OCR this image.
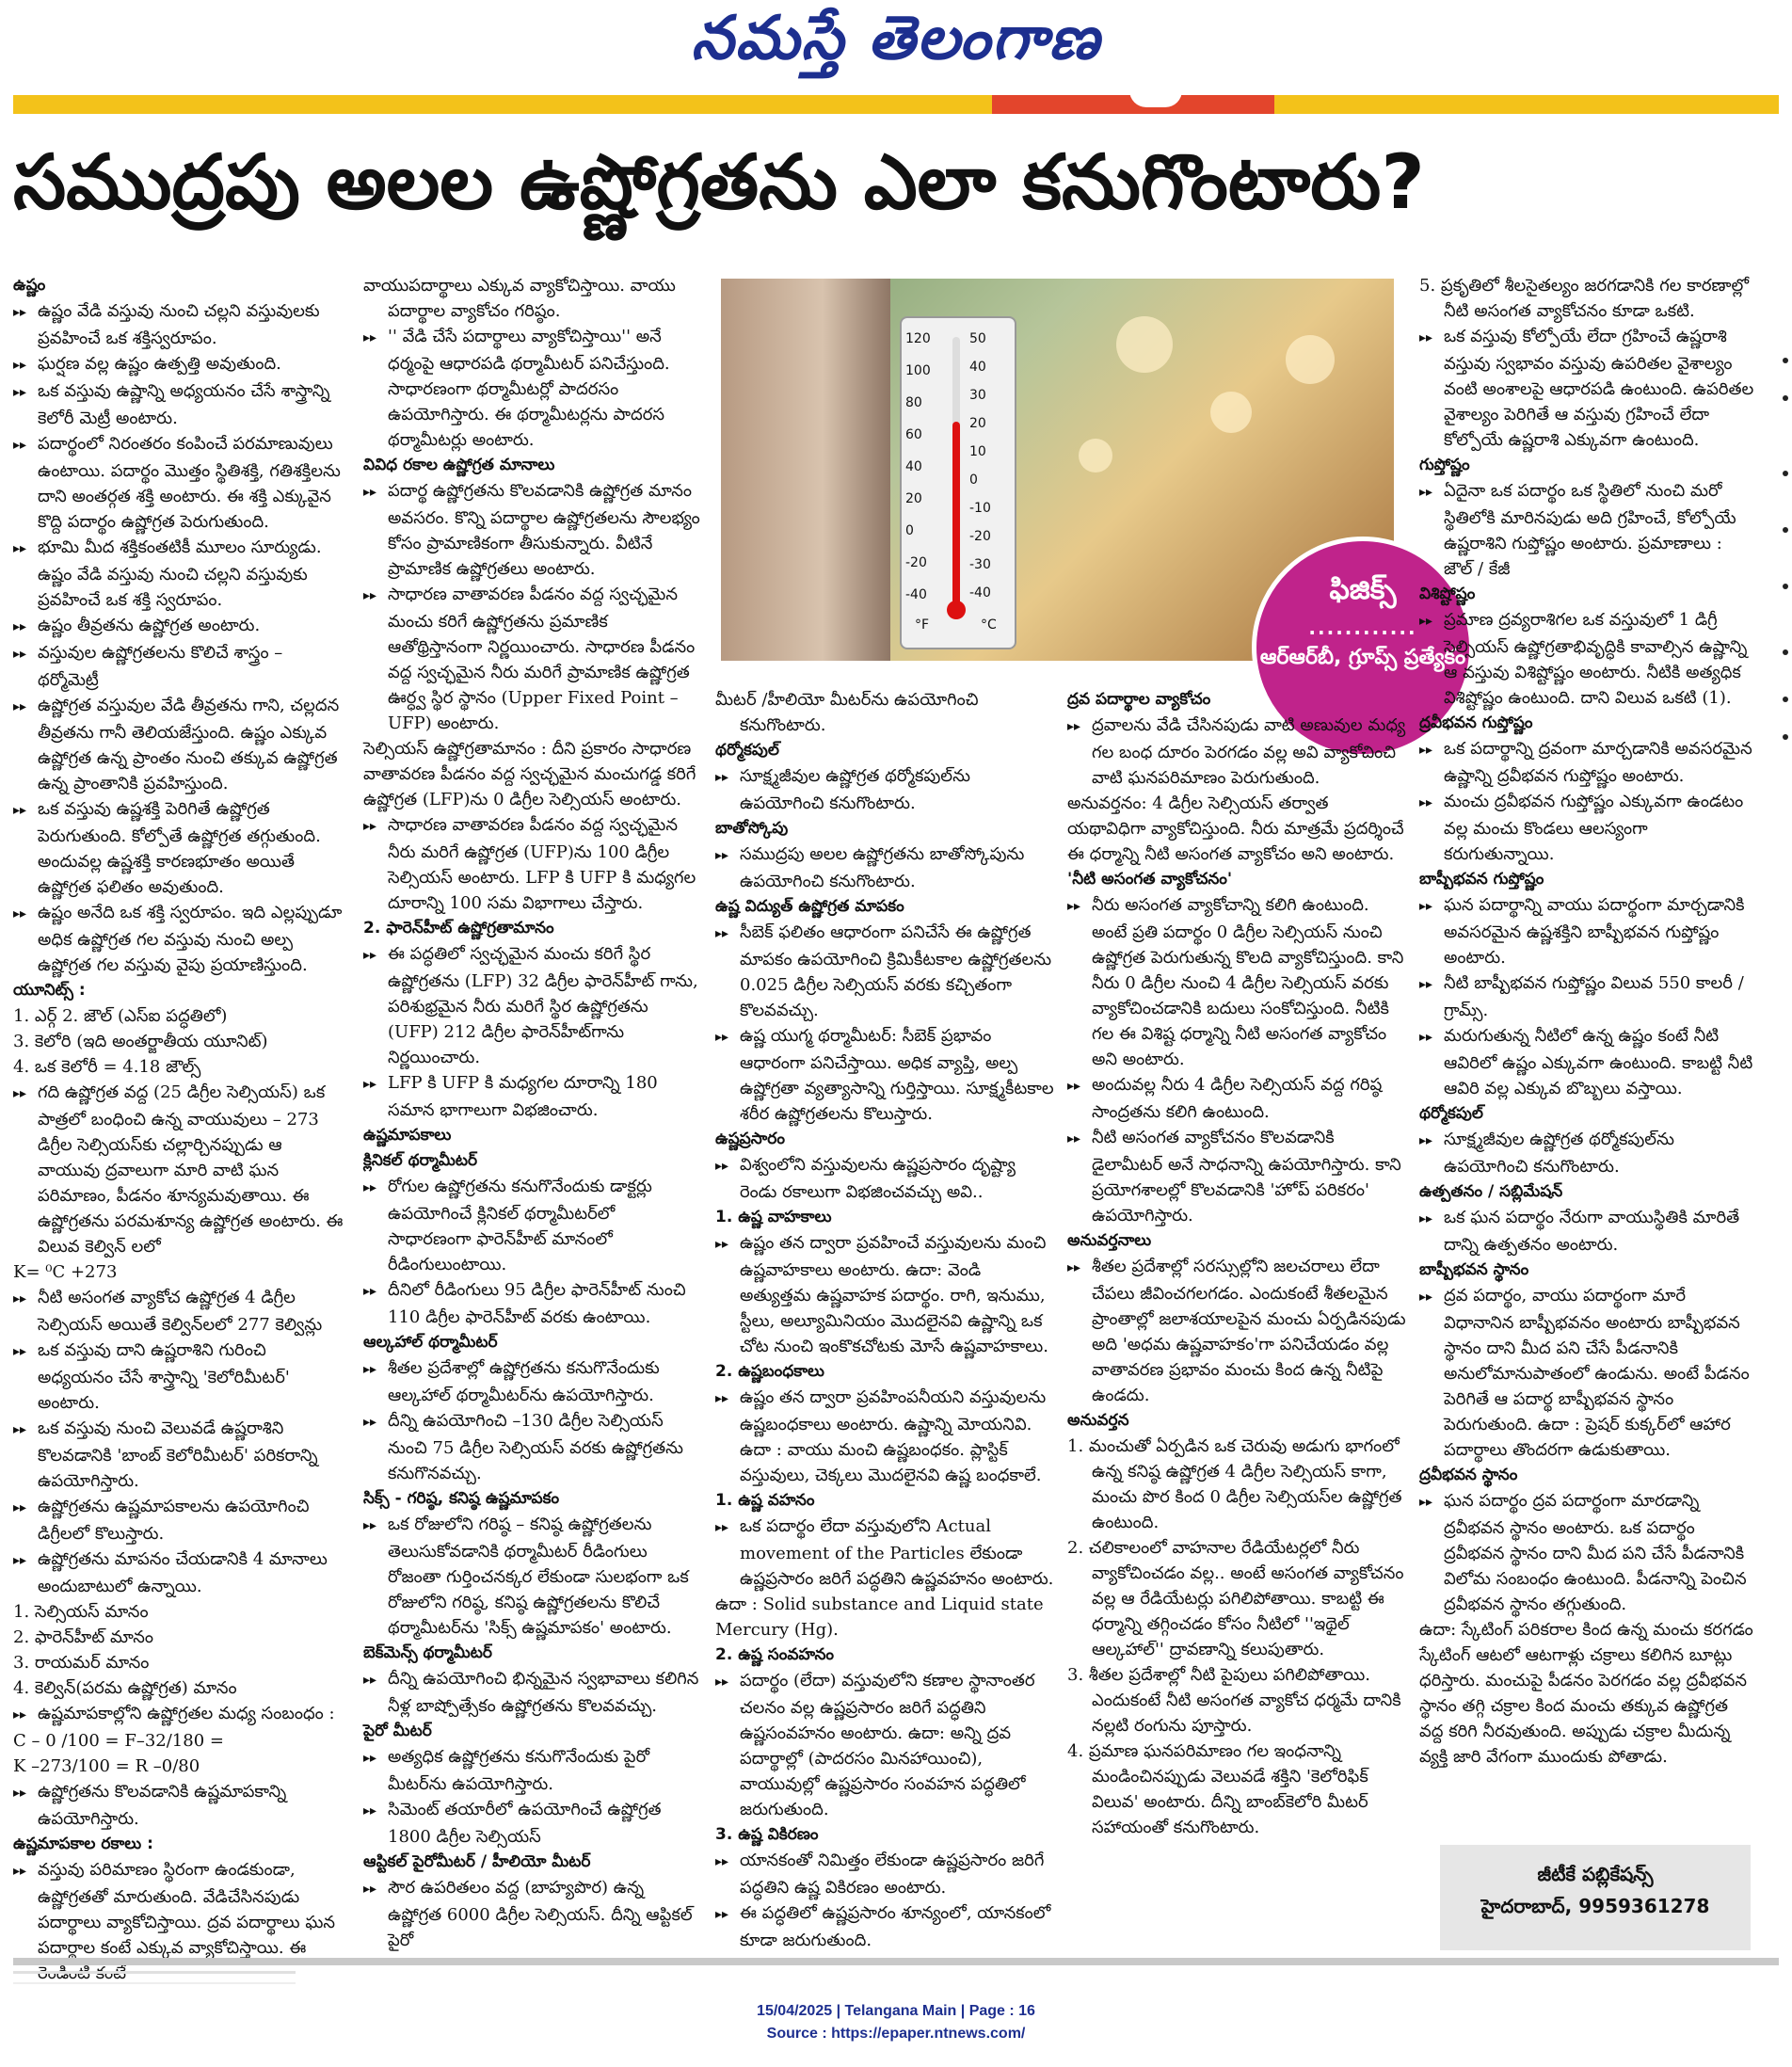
నమస్తే తెలంగాణ
సముద్రపు అలల ఉష్ణోగ్రతను ఎలా కనుగొంటారు?

ఉష్ణం

▸▸ ఉష్ణం వేడి వస్తువు నుంచి చల్లని వస్తువులకు ప్రవహించే ఒక శక్తిస్వరూపం.

▸▸ ఘర్షణ వల్ల ఉష్ణం ఉత్పత్తి అవుతుంది.

▸▸ ఒక వస్తువు ఉష్ణాన్ని అధ్యయనం చేసే శాస్త్రాన్ని కెలోరీ మెట్రీ అంటారు.

▸▸ పదార్థంలో నిరంతరం కంపించే పరమాణువులు ఉంటాయి. పదార్థం మొత్తం స్థితిశక్తి, గతిశక్తిలను దాని అంతర్గత శక్తి అంటారు. ఈ శక్తి ఎక్కువైన కొద్ది పదార్థం ఉష్ణోగ్రత పెరుగుతుంది.

▸▸ భూమి మీద శక్తికంతటికీ మూలం సూర్యుడు. ఉష్ణం వేడి వస్తువు నుంచి చల్లని వస్తువుకు ప్రవహించే ఒక శక్తి స్వరూపం.

▸▸ ఉష్ణం తీవ్రతను ఉష్ణోగ్రత అంటారు.

▸▸ వస్తువుల ఉష్ణోగ్రతలను కొలిచే శాస్త్రం – థర్మోమెట్రీ

▸▸ ఉష్ణోగ్రత వస్తువుల వేడి తీవ్రతను గాని, చల్లదన తీవ్రతను గానీ తెలియజేస్తుంది. ఉష్ణం ఎక్కువ ఉష్ణోగ్రత ఉన్న ప్రాంతం నుంచి తక్కువ ఉష్ణోగ్రత ఉన్న ప్రాంతానికి ప్రవహిస్తుంది.

▸▸ ఒక వస్తువు ఉష్ణశక్తి పెరిగితే ఉష్ణోగ్రత పెరుగుతుంది. కోల్పోతే ఉష్ణోగ్రత తగ్గుతుంది. అందువల్ల ఉష్ణశక్తి కారణభూతం అయితే ఉష్ణోగ్రత ఫలితం అవుతుంది.

▸▸ ఉష్ణం అనేది ఒక శక్తి స్వరూపం. ఇది ఎల్లప్పుడూ అధిక ఉష్ణోగ్రత గల వస్తువు నుంచి అల్ప ఉష్ణోగ్రత గల వస్తువు వైపు ప్రయాణిస్తుంది.

యూనిట్స్ :

1. ఎర్గ్ 2. జౌల్ (ఎస్ఐ పద్ధతిలో)

3. కెలోరి (ఇది అంతర్జాతీయ యూనిట్)

4. ఒక కెలోరీ = 4.18 జౌల్స్

▸▸ గది ఉష్ణోగ్రత వద్ద (25 డిగ్రీల సెల్సియస్) ఒక పాత్రలో బంధించి ఉన్న వాయువులు – 273 డిగ్రీల సెల్సియస్‌కు చల్లార్చినప్పుడు ఆ వాయువు ద్రవాలుగా మారి వాటి ఘన పరిమాణం, పీడనం శూన్యమవుతాయి. ఈ ఉష్ణోగ్రతను పరమశూన్య ఉష్ణోగ్రత అంటారు. ఈ విలువ కెల్విన్ లలో

K= ⁰C +273

▸▸ నీటి అసంగత వ్యాకోచ ఉష్ణోగ్రత 4 డిగ్రీల సెల్సియస్ అయితే కెల్విన్‌లలో 277 కెల్విన్లు

▸▸ ఒక వస్తువు దాని ఉష్ణరాశిని గురించి అధ్యయనం చేసే శాస్త్రాన్ని 'కెలోరిమీటర్' అంటారు.

▸▸ ఒక వస్తువు నుంచి వెలువడే ఉష్ణరాశిని కొలవడానికి 'బాంబ్ కెలోరిమీటర్' పరికరాన్ని ఉపయోగిస్తారు.

▸▸ ఉష్ణోగ్రతను ఉష్ణమాపకాలను ఉపయోగించి డిగ్రీలలో కొలుస్తారు.

▸▸ ఉష్ణోగ్రతను మాపనం చేయడానికి 4 మానాలు అందుబాటులో ఉన్నాయి.

1. సెల్సియస్ మానం

2. ఫారెన్‌హీట్ మానం

3. రాయమర్ మానం

4. కెల్విన్(పరమ ఉష్ణోగ్రత) మానం

▸▸ ఉష్ణమాపకాల్లోని ఉష్ణోగ్రతల మధ్య సంబంధం :

C – 0 /100 = F–32/180 =

K –273/100 = R –0/80

▸▸ ఉష్ణోగ్రతను కొలవడానికి ఉష్ణమాపకాన్ని ఉపయోగిస్తారు.

ఉష్ణమాపకాల రకాలు :

▸▸ వస్తువు పరిమాణం స్థిరంగా ఉండకుండా, ఉష్ణోగ్రతతో మారుతుంది. వేడిచేసినపుడు పదార్థాలు వ్యాకోచిస్తాయి. ద్రవ పదార్థాలు ఘన పదార్థాల కంటే ఎక్కువ వ్యాకోచిస్తాయి. ఈ

వాయుపదార్థాలు ఎక్కువ వ్యాకోచిస్తాయి. వాయు పదార్థాల వ్యాకోచం గరిష్ఠం.

▸▸ '' వేడి చేసే పదార్థాలు వ్యాకోచిస్తాయి'' అనే ధర్మంపై ఆధారపడి థర్మామీటర్ పనిచేస్తుంది. సాధారణంగా థర్మామీటర్లో పాదరసం ఉపయోగిస్తారు. ఈ థర్మామీటర్లను పాదరస థర్మామీటర్లు అంటారు.

వివిధ రకాల ఉష్ణోగ్రత మానాలు

▸▸ పదార్థ ఉష్ణోగ్రతను కొలవడానికి ఉష్ణోగ్రత మానం అవసరం. కొన్ని పదార్థాల ఉష్ణోగ్రతలను సౌలభ్యం కోసం ప్రామాణికంగా తీసుకున్నారు. వీటినే ప్రామాణిక ఉష్ణోగ్రతలు అంటారు.

▸▸ సాధారణ వాతావరణ పీడనం వద్ద స్వచ్ఛమైన మంచు కరిగే ఉష్ణోగ్రతను ప్రమాణిక ఆతోథ్రిస్తానంగా నిర్ణయించారు. సాధారణ పీడనం వద్ద స్వచ్ఛమైన నీరు మరిగే ప్రామాణిక ఉష్ణోగ్రత ఊర్ధ్వ స్థిర స్థానం (Upper Fixed Point – UFP) అంటారు.

సెల్సియస్ ఉష్ణోగ్రతామానం : దీని ప్రకారం సాధారణ వాతావరణ పీడనం వద్ద స్వచ్ఛమైన మంచుగడ్డ కరిగే ఉష్ణోగ్రత (LFP)ను 0 డిగ్రీల సెల్సియస్ అంటారు.

▸▸ సాధారణ వాతావరణ పీడనం వద్ద స్వచ్ఛమైన నీరు మరిగే ఉష్ణోగ్రత (UFP)ను 100 డిగ్రీల సెల్సియస్ అంటారు. LFP కి UFP కి మధ్యగల దూరాన్ని 100 సమ విభాగాలు చేస్తారు.

2. ఫారెన్‌హీట్ ఉష్ణోగ్రతామానం

▸▸ ఈ పద్ధతిలో స్వచ్ఛమైన మంచు కరిగే స్థిర ఉష్ణోగ్రతను (LFP) 32 డిగ్రీల ఫారెన్‌హీట్ గాను, పరిశుభ్రమైన నీరు మరిగే స్థిర ఉష్ణోగ్రతను (UFP) 212 డిగ్రీల ఫారెన్‌హీట్‌గాను నిర్ణయించారు.

▸▸ LFP కి UFP కి మధ్యగల దూరాన్ని 180 సమాన భాగాలుగా విభజించారు.

ఉష్ణమాపకాలు

క్లినికల్ థర్మామీటర్

▸▸ రోగుల ఉష్ణోగ్రతను కనుగొనేందుకు డాక్టర్లు ఉపయోగించే క్లినికల్ థర్మామీటర్‌లో సాధారణంగా ఫారెన్‌హీట్ మానంలో రీడింగులుంటాయి.

▸▸ దీనిలో రీడింగులు 95 డిగ్రీల ఫారెన్‌హీట్ నుంచి 110 డిగ్రీల ఫారెన్‌హీట్ వరకు ఉంటాయి.

ఆల్కహాల్ థర్మామీటర్

▸▸ శీతల ప్రదేశాల్లో ఉష్ణోగ్రతను కనుగొనేందుకు ఆల్కహాల్ థర్మామీటర్‌ను ఉపయోగిస్తారు.

▸▸ దీన్ని ఉపయోగించి –130 డిగ్రీల సెల్సియస్ నుంచి 75 డిగ్రీల సెల్సియస్ వరకు ఉష్ణోగ్రతను కనుగొనవచ్చు.

సిక్స్ - గరిష్ఠ, కనిష్ఠ ఉష్ణమాపకం

▸▸ ఒక రోజులోని గరిష్ఠ – కనిష్ఠ ఉష్ణోగ్రతలను తెలుసుకోవడానికి థర్మామీటర్ రీడింగులు రోజంతా గుర్తించనక్కర లేకుండా సులభంగా ఒక రోజులోని గరిష్ఠ, కనిష్ఠ ఉష్ణోగ్రతలను కొలిచే థర్మామీటర్‌ను 'సిక్స్ ఉష్ణమాపకం' అంటారు.

బెక్‌మెన్స్ థర్మామీటర్

▸▸ దీన్ని ఉపయోగించి భిన్నమైన స్వభావాలు కలిగిన నీళ్ల బాష్పోత్సేకం ఉష్ణోగ్రతను కొలవవచ్చు.

పైరో మీటర్

▸▸ అత్యధిక ఉష్ణోగ్రతను కనుగొనేందుకు పైరో మీటర్‌ను ఉపయోగిస్తారు.

▸▸ సిమెంట్ తయారీలో ఉపయోగించే ఉష్ణోగ్రత 1800 డిగ్రీల సెల్సియస్

ఆప్టికల్ పైరోమీటర్ / హీలియో మీటర్

▸▸ సౌర ఉపరితలం వద్ద (బాహ్యపొర) ఉన్న ఉష్ణోగ్రత 6000 డిగ్రీల సెల్సియస్. దీన్ని ఆప్టికల్ పైరో

°F	°C
120
100
80
60
40
20
0
-20
-40
50
40
30
20
10
0
-10
-20
-30
-40	ఫిజిక్స్
............
ఆర్ఆర్‌బీ, గ్రూప్స్ ప్రత్యేకం

మీటర్ /హీలియో మీటర్‌ను ఉపయోగించి కనుగొంటారు.

థర్మోకపుల్

▸▸ సూక్ష్మజీవుల ఉష్ణోగ్రత థర్మోకపుల్‌ను ఉపయోగించి కనుగొంటారు.

బాతోస్కోపు

▸▸ సముద్రపు అలల ఉష్ణోగ్రతను బాతోస్కోపును ఉపయోగించి కనుగొంటారు.

ఉష్ణ విద్యుత్ ఉష్ణోగ్రత మాపకం

▸▸ సీబెక్ ఫలితం ఆధారంగా పనిచేసే ఈ ఉష్ణోగ్రత మాపకం ఉపయోగించి క్రిమికీటకాల ఉష్ణోగ్రతలను 0.025 డిగ్రీల సెల్సియస్ వరకు కచ్చితంగా కొలవవచ్చు.

▸▸ ఉష్ణ యుగ్మ థర్మామీటర్: సీబెక్ ప్రభావం ఆధారంగా పనిచేస్తాయి. అధిక వ్యాప్తి, అల్ప ఉష్ణోగ్రతా వ్యత్యాసాన్ని గుర్తిస్తాయి. సూక్ష్మకీటకాల శరీర ఉష్ణోగ్రతలను కొలుస్తారు.

ఉష్ణప్రసారం

▸▸ విశ్వంలోని వస్తువులను ఉష్ణప్రసారం దృష్ట్యా రెండు రకాలుగా విభజించవచ్చు అవి..

1. ఉష్ణ వాహకాలు

▸▸ ఉష్ణం తన ద్వారా ప్రవహించే వస్తువులను మంచి ఉష్ణవాహకాలు అంటారు. ఉదా: వెండి అత్యుత్తమ ఉష్ణవాహక పదార్థం. రాగి, ఇనుము, స్టీలు, అల్యూమినియం మొదలైనవి ఉష్ణాన్ని ఒక చోట నుంచి ఇంకొకచోటకు మోసే ఉష్ణవాహకాలు.

2. ఉష్ణబంధకాలు

▸▸ ఉష్ణం తన ద్వారా ప్రవహింపనీయని వస్తువులను ఉష్ణబంధకాలు అంటారు. ఉష్ణాన్ని మోయనివి. ఉదా : వాయు మంచి ఉష్ణబంధకం. ప్లాస్టిక్ వస్తువులు, చెక్కలు మొదలైనవి ఉష్ణ బంధకాలే.

1. ఉష్ణ వహనం

▸▸ ఒక పదార్థం లేదా వస్తువులోని Actual movement of the Particles లేకుండా ఉష్ణప్రసారం జరిగే పద్ధతిని ఉష్ణవహనం అంటారు.

ఉదా : Solid substance and Liquid state Mercury (Hg).

2. ఉష్ణ సంవహనం

▸▸ పదార్థం (లేదా) వస్తువులోని కణాల స్థానాంతర చలనం వల్ల ఉష్ణప్రసారం జరిగే పద్ధతిని ఉష్ణసంవహనం అంటారు. ఉదా: అన్ని ద్రవ పదార్థాల్లో (పాదరసం మినహాయించి), వాయువుల్లో ఉష్ణప్రసారం సంవహన పద్ధతిలో జరుగుతుంది.

3. ఉష్ణ వికిరణం

▸▸ యానకంతో నిమిత్తం లేకుండా ఉష్ణప్రసారం జరిగే పద్ధతిని ఉష్ణ వికిరణం అంటారు.

▸▸ ఈ పద్ధతిలో ఉష్ణప్రసారం శూన్యంలో, యానకంలో కూడా జరుగుతుంది.

ద్రవ పదార్థాల వ్యాకోచం

▸▸ ద్రవాలను వేడి చేసినపుడు వాటి అణువుల మధ్య గల బంధ దూరం పెరగడం వల్ల అవి వ్యాకోచించి వాటి ఘనపరిమాణం పెరుగుతుంది.

అనువర్తనం: 4 డిగ్రీల సెల్సియస్ తర్వాత యథావిధిగా వ్యాకోచిస్తుంది. నీరు మాత్రమే ప్రదర్శించే ఈ ధర్మాన్ని నీటి అసంగత వ్యాకోచం అని అంటారు.

'నీటి అసంగత వ్యాకోచనం'

▸▸ నీరు అసంగత వ్యాకోచాన్ని కలిగి ఉంటుంది. అంటే ప్రతి పదార్థం 0 డిగ్రీల సెల్సియస్ నుంచి ఉష్ణోగ్రత పెరుగుతున్న కొలది వ్యాకోచిస్తుంది. కాని నీరు 0 డిగ్రీల నుంచి 4 డిగ్రీల సెల్సియస్ వరకు వ్యాకోచించడానికి బదులు సంకోచిస్తుంది. నీటికి గల ఈ విశిష్ట ధర్మాన్ని నీటి అసంగత వ్యాకోచం అని అంటారు.

▸▸ అందువల్ల నీరు 4 డిగ్రీల సెల్సియస్ వద్ద గరిష్ఠ సాంద్రతను కలిగి ఉంటుంది.

▸▸ నీటి అసంగత వ్యాకోచనం కొలవడానికి డైలామీటర్ అనే సాధనాన్ని ఉపయోగిస్తారు. కాని ప్రయోగశాలల్లో కొలవడానికి 'హోప్ పరికరం' ఉపయోగిస్తారు.

అనువర్తనాలు

▸▸ శీతల ప్రదేశాల్లో సరస్సుల్లోని జలచరాలు లేదా చేపలు జీవించగలగడం. ఎందుకంటే శీతలమైన ప్రాంతాల్లో జలాశయాలపైన మంచు ఏర్పడినపుడు అది 'అధమ ఉష్ణవాహకం'గా పనిచేయడం వల్ల వాతావరణ ప్రభావం మంచు కింద ఉన్న నీటిపై ఉండదు.

అనువర్తన

1. మంచుతో ఏర్పడిన ఒక చెరువు అడుగు భాగంలో ఉన్న కనిష్ఠ ఉష్ణోగ్రత 4 డిగ్రీల సెల్సియస్ కాగా, మంచు పొర కింద 0 డిగ్రీల సెల్సియస్‌ల ఉష్ణోగ్రత ఉంటుంది.

2. చలికాలంలో వాహనాల రేడియేటర్లలో నీరు వ్యాకోచించడం వల్ల.. అంటే అసంగత వ్యాకోచనం వల్ల ఆ రేడియేటర్లు పగిలిపోతాయి. కాబట్టి ఈ ధర్మాన్ని తగ్గించడం కోసం నీటిలో ''ఇథైల్ ఆల్కహాల్'' ద్రావణాన్ని కలుపుతారు.

3. శీతల ప్రదేశాల్లో నీటి పైపులు పగిలిపోతాయి. ఎందుకంటే నీటి అసంగత వ్యాకోచ ధర్మమే దానికి నల్లటి రంగును పూస్తారు.

4. ప్రమాణ ఘనపరిమాణం గల ఇంధనాన్ని మండించినప్పుడు వెలువడే శక్తిని 'కెలోరిఫిక్ విలువ' అంటారు. దీన్ని బాంబ్‌కెలోరి మీటర్ సహాయంతో కనుగొంటారు.

5. ప్రకృతిలో శీలసైతల్యం జరగడానికి గల కారణాల్లో నీటి అసంగత వ్యాకోచనం కూడా ఒకటి.

▸▸ ఒక వస్తువు కోల్పోయే లేదా గ్రహించే ఉష్ణరాశి వస్తువు స్వభావం వస్తువు ఉపరితల వైశాల్యం వంటి అంశాలపై ఆధారపడి ఉంటుంది. ఉపరితల వైశాల్యం పెరిగితే ఆ వస్తువు గ్రహించే లేదా కోల్పోయే ఉష్ణరాశి ఎక్కువగా ఉంటుంది.

గుప్తోష్ణం

▸▸ ఏదైనా ఒక పదార్థం ఒక స్థితిలో నుంచి మరో స్థితిలోకి మారినపుడు అది గ్రహించే, కోల్పోయే ఉష్ణరాశిని గుప్తోష్ణం అంటారు. ప్రమాణాలు : జౌల్ / కేజీ

విశిష్టోష్ణం

▸▸ ప్రమాణ ద్రవ్యరాశిగల ఒక వస్తువులో 1 డిగ్రీ సెల్సియస్ ఉష్ణోగ్రతాభివృద్ధికి కావాల్సిన ఉష్ణాన్ని ఆ వస్తువు విశిష్టోష్ణం అంటారు. నీటికి అత్యధిక విశిష్టోష్ణం ఉంటుంది. దాని విలువ ఒకటి (1).

ద్రవీభవన గుప్తోష్ణం

▸▸ ఒక పదార్థాన్ని ద్రవంగా మార్చడానికి అవసరమైన ఉష్ణాన్ని ద్రవీభవన గుప్తోష్ణం అంటారు.

▸▸ మంచు ద్రవీభవన గుప్తోష్ణం ఎక్కువగా ఉండటం వల్ల మంచు కొండలు ఆలస్యంగా కరుగుతున్నాయి.

బాష్పీభవన గుప్తోష్ణం

▸▸ ఘన పదార్థాన్ని వాయు పదార్థంగా మార్చడానికి అవసరమైన ఉష్ణశక్తిని బాష్పీభవన గుప్తోష్ణం అంటారు.

▸▸ నీటి బాష్పీభవన గుప్తోష్ణం విలువ 550 కాలరీ / గ్రామ్స్.

▸▸ మరుగుతున్న నీటిలో ఉన్న ఉష్ణం కంటే నీటి ఆవిరిలో ఉష్ణం ఎక్కువగా ఉంటుంది. కాబట్టి నీటి ఆవిరి వల్ల ఎక్కువ బొబ్బలు వస్తాయి.

థర్మోకపుల్

▸▸ సూక్ష్మజీవుల ఉష్ణోగ్రత థర్మోకపుల్‌ను ఉపయోగించి కనుగొంటారు.

ఉత్పతనం / సబ్లిమేషన్

▸▸ ఒక ఘన పదార్థం నేరుగా వాయుస్థితికి మారితే దాన్ని ఉత్పతనం అంటారు.

బాష్పీభవన స్థానం

▸▸ ద్రవ పదార్థం, వాయు పదార్థంగా మారే విధానానిన బాష్పీభవనం అంటారు బాష్పీభవన స్థానం దాని మీద పని చేసే పీడనానికి అనులోమానుపాతంలో ఉండును. అంటే పీడనం పెరిగితే ఆ పదార్థ బాష్పీభవన స్థానం పెరుగుతుంది. ఉదా : ప్రెషర్ కుక్కర్‌లో ఆహార పదార్థాలు తొందరగా ఉడుకుతాయి.

ద్రవీభవన స్థానం

▸▸ ఘన పదార్థం ద్రవ పదార్థంగా మారడాన్ని ద్రవీభవన స్థానం అంటారు. ఒక పదార్థం ద్రవీభవన స్థానం దాని మీద పని చేసే పీడనానికి విలోమ సంబంధం ఉంటుంది. పీడనాన్ని పెంచిన ద్రవీభవన స్థానం తగ్గుతుంది.

ఉదా: స్కేటింగ్ పరికరాల కింద ఉన్న మంచు కరగడం స్కేటింగ్ ఆటలో ఆటగాళ్లు చక్రాలు కలిగిన బూట్లు ధరిస్తారు. మంచుపై పీడనం పెరగడం వల్ల ద్రవీభవన స్థానం తగ్గి చక్రాల కింద మంచు తక్కువ ఉష్ణోగ్రత వద్ద కరిగి నీరవుతుంది. అప్పుడు చక్రాల మీదున్న వ్యక్తి జారి వేగంగా ముందుకు పోతాడు.

జీటీకే పబ్లికేషన్స్
హైదరాబాద్, 9959361278
15/04/2025 | Telangana Main | Page : 16
Source : https://epaper.ntnews.com/
